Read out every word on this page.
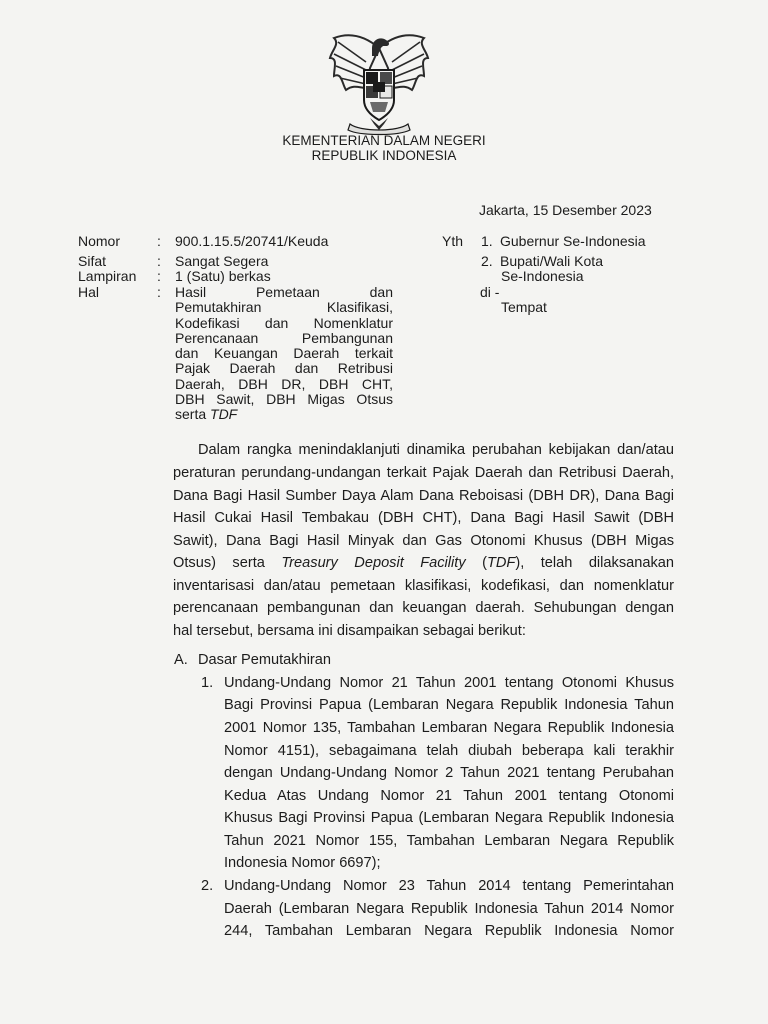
KEMENTERIAN DALAM NEGERI
REPUBLIK INDONESIA
Jakarta, 15 Desember 2023
Nomor	: 900.1.15.5/20741/Keuda
Sifat	: Sangat Segera
Lampiran : 1 (Satu) berkas
Hal	: Hasil Pemetaan dan
Pemutakhiran Klasifikasi,
Kodefikasi dan Nomenklatur
Perencanaan Pembangunan
dan Keuangan Daerah terkait
Pajak Daerah dan Retribusi
Daerah, DBH DR, DBH CHT,
DBH Sawit, DBH Migas Otsus
serta TDF
Yth 1. Gubernur Se-Indonesia
2. Bupati/Wali Kota
Se-Indonesia
di -
Tempat
Dalam rangka menindaklanjuti dinamika perubahan kebijakan dan/atau
peraturan perundang-undangan terkait Pajak Daerah dan Retribusi Daerah,
Dana Bagi Hasil Sumber Daya Alam Dana Reboisasi (DBH DR), Dana Bagi
Hasil Cukai Hasil Tembakau (DBH CHT), Dana Bagi Hasil Sawit (DBH
Sawit), Dana Bagi Hasil Minyak dan Gas Otonomi Khusus (DBH Migas
Otsus) serta Treasury Deposit Facility (TDF), telah dilaksanakan
inventarisasi dan/atau pemetaan klasifikasi, kodefikasi, dan nomenklatur
perencanaan pembangunan dan keuangan daerah. Sehubungan dengan
hal tersebut, bersama ini disampaikan sebagai berikut:
A. Dasar Pemutakhiran
1. Undang-Undang Nomor 21 Tahun 2001 tentang Otonomi Khusus
Bagi Provinsi Papua (Lembaran Negara Republik Indonesia Tahun
2001 Nomor 135, Tambahan Lembaran Negara Republik Indonesia
Nomor 4151), sebagaimana telah diubah beberapa kali terakhir
dengan Undang-Undang Nomor 2 Tahun 2021 tentang Perubahan
Kedua Atas Undang Nomor 21 Tahun 2001 tentang Otonomi
Khusus Bagi Provinsi Papua (Lembaran Negara Republik Indonesia
Tahun 2021 Nomor 155, Tambahan Lembaran Negara Republik
Indonesia Nomor 6697);
2. Undang-Undang Nomor 23 Tahun 2014 tentang Pemerintahan
Daerah (Lembaran Negara Republik Indonesia Tahun 2014 Nomor
244, Tambahan Lembaran Negara Republik Indonesia Nomor
